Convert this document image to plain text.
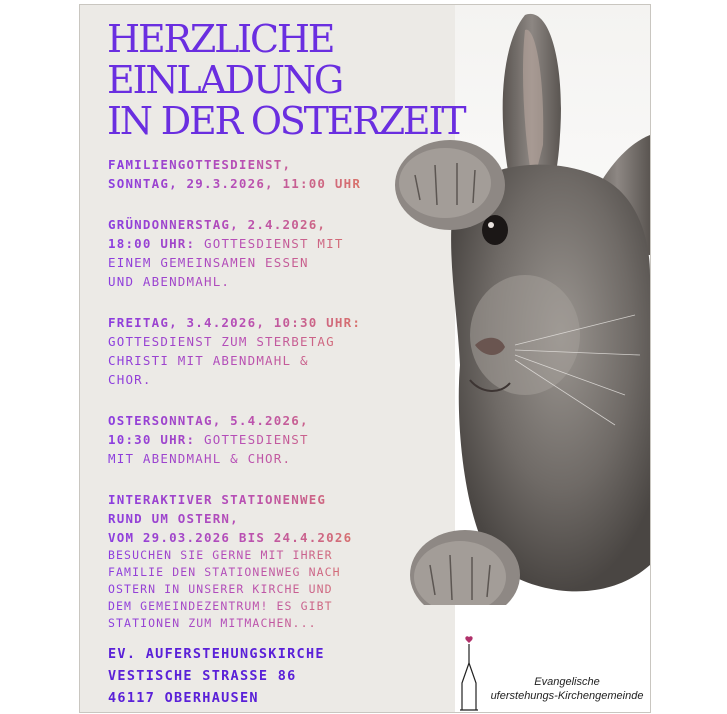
HERZLICHE
EINLADUNG
IN DER OSTERZEIT
FAMILIENGOTTESDIENST,
SONNTAG, 29.3.2026, 11:00 UHR
GRÜNDONNERSTAG, 2.4.2026,
18:00 UHR: GOTTESDIENST MIT
EINEM GEMEINSAMEN ESSEN
UND ABENDMAHL.
FREITAG, 3.4.2026, 10:30 UHR:
GOTTESDIENST ZUM STERBETAG
CHRISTI MIT ABENDMAHL &
CHOR.
OSTERSONNTAG, 5.4.2026,
10:30 UHR: GOTTESDIENST
MIT ABENDMAHL & CHOR.
INTERAKTIVER STATIONENWEG
RUND UM OSTERN,
VOM 29.03.2026 BIS 24.4.2026
BESUCHEN SIE GERNE MIT IHRER
FAMILIE DEN STATIONENWEG NACH
OSTERN IN UNSERER KIRCHE UND
DEM GEMEINDEZENTRUM! ES GIBT
STATIONEN ZUM MITMACHEN...
EV. AUFERSTEHUNGSKIRCHE
VESTISCHE STRASSE 86
46117 OBERHAUSEN
Evangelische
uferstehungs-Kirchengemeinde
